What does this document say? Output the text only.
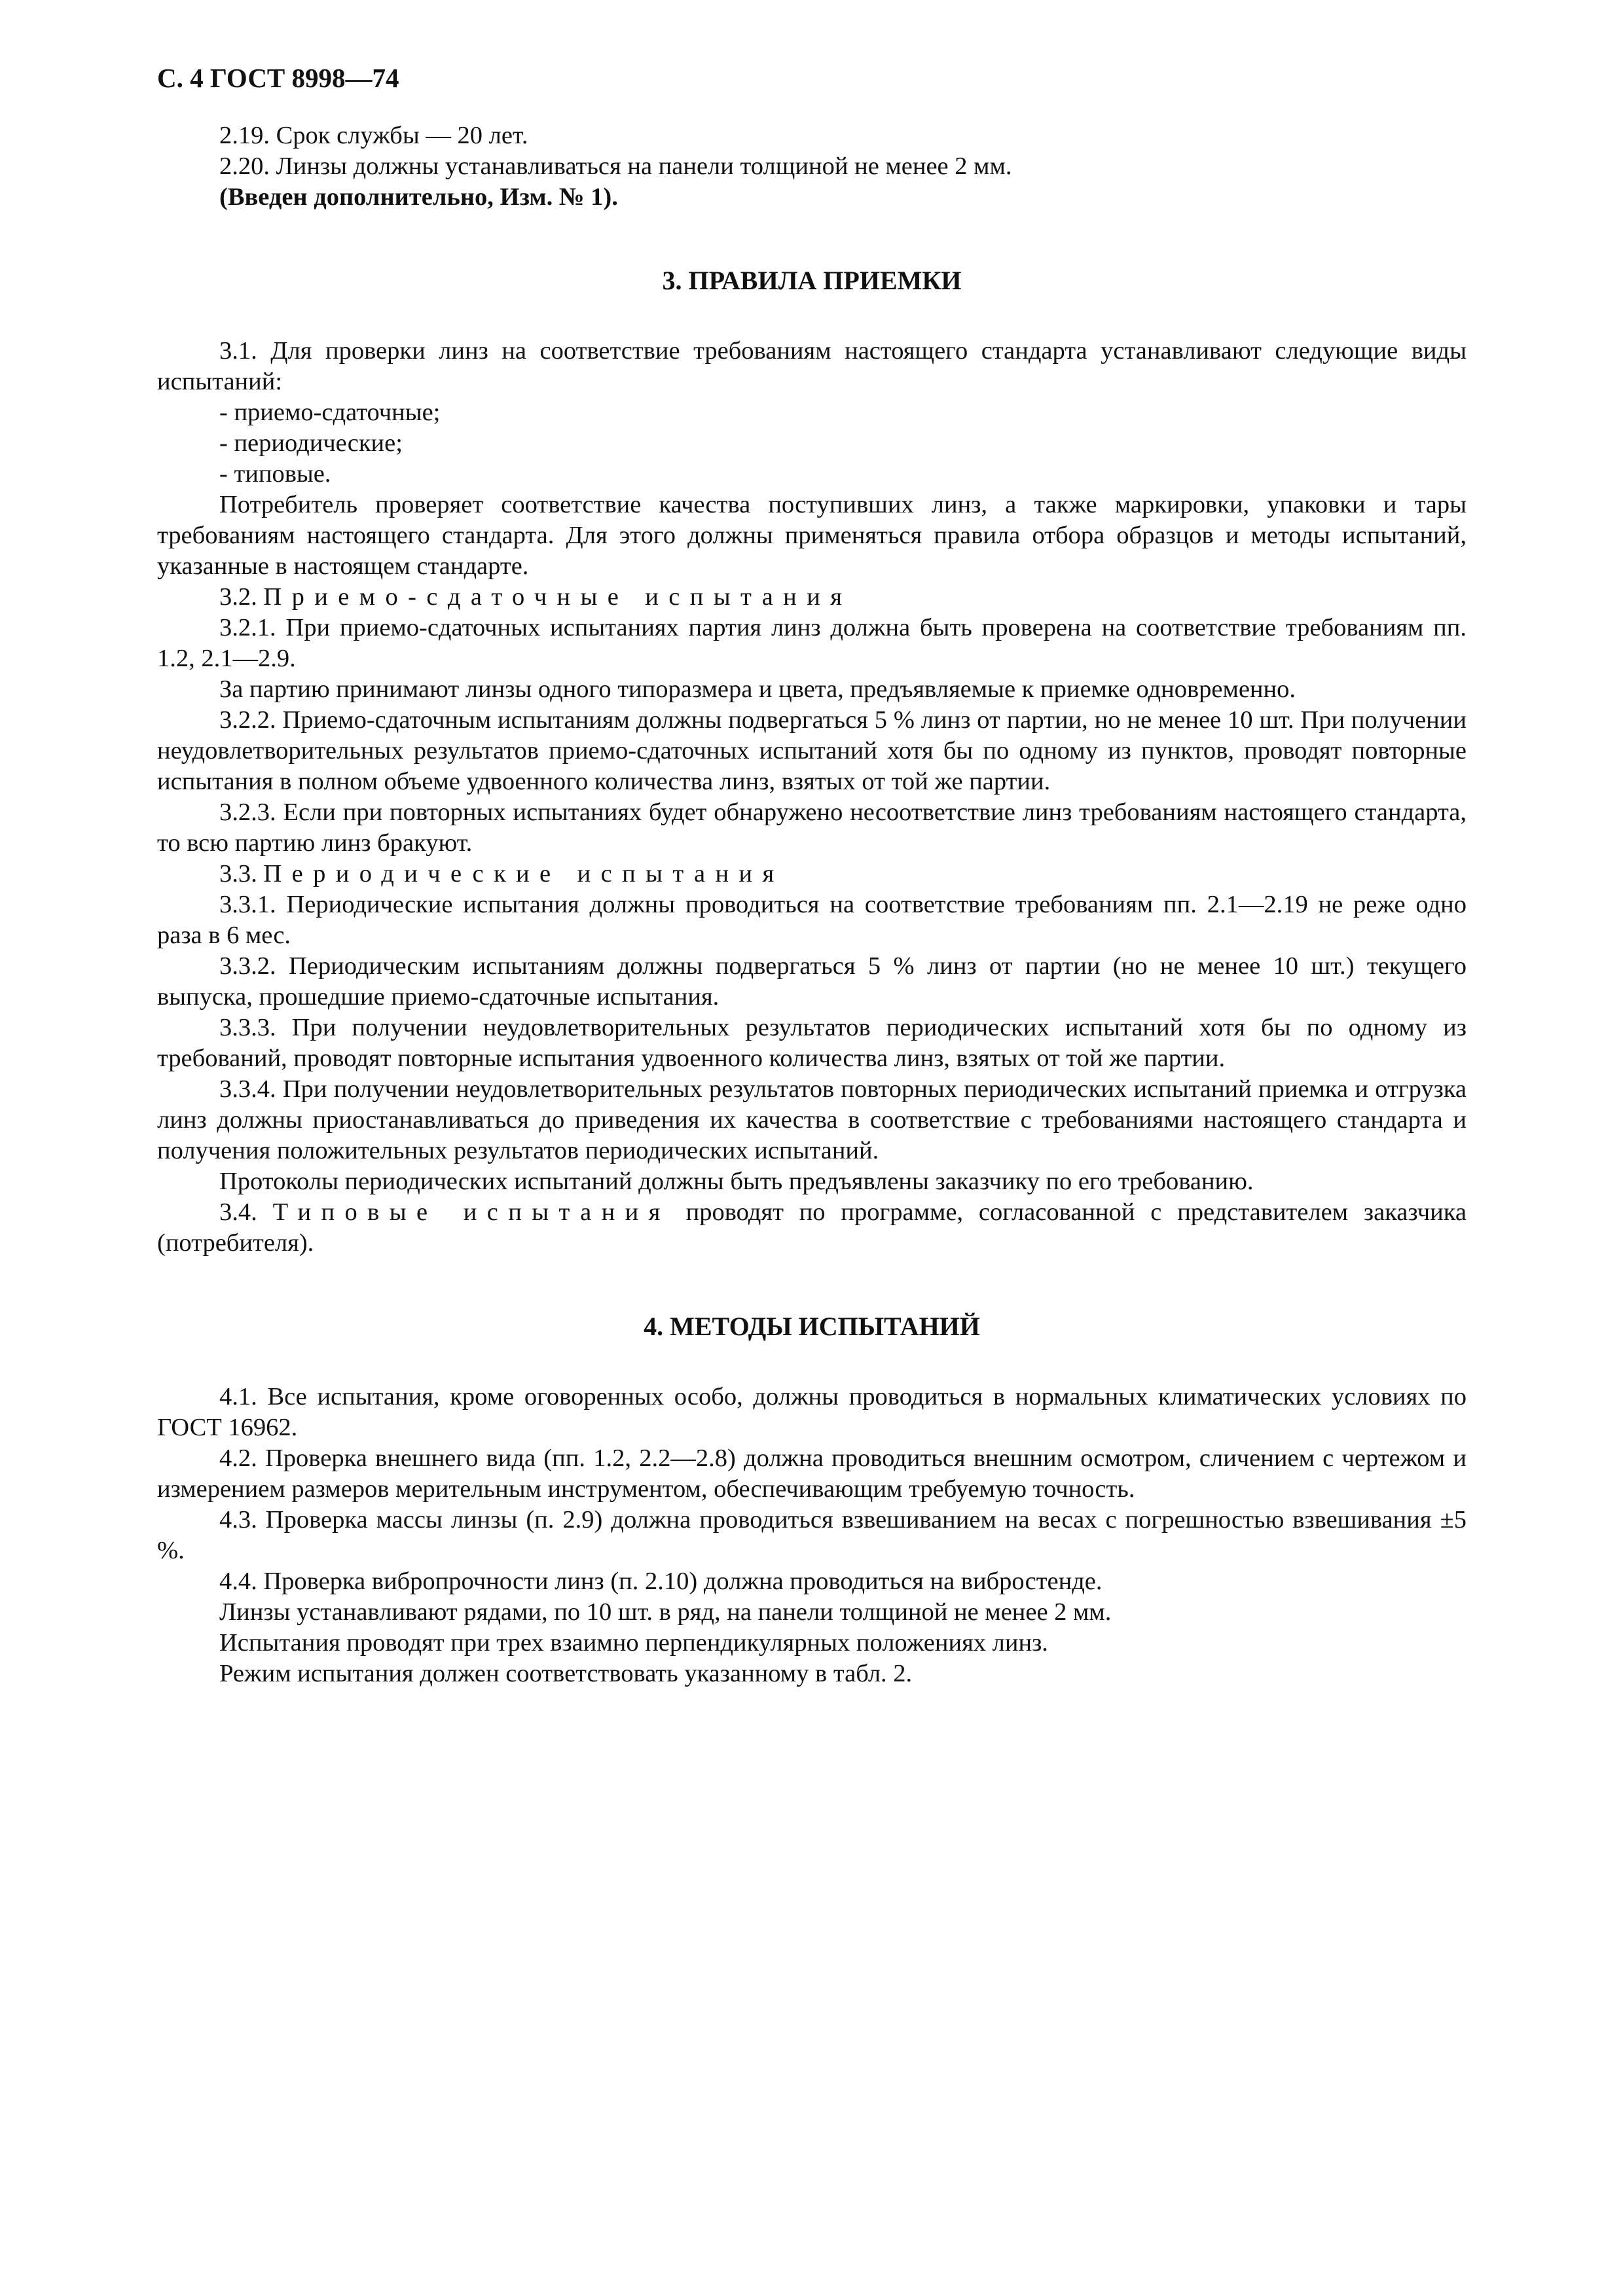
С. 4 ГОСТ 8998—74

2.19. Срок службы — 20 лет.

2.20. Линзы должны устанавливаться на панели толщиной не менее 2 мм.

(Введен дополнительно, Изм. № 1).

3. ПРАВИЛА ПРИЕМКИ

3.1. Для проверки линз на соответствие требованиям настоящего стандарта устанавливают следующие виды испытаний:

- приемо-сдаточные;

- периодические;

- типовые.

Потребитель проверяет соответствие качества поступивших линз, а также маркировки, упаковки и тары требованиям настоящего стандарта. Для этого должны применяться правила отбора образцов и методы испытаний, указанные в настоящем стандарте.

3.2. Приемо-сдаточные испытания

3.2.1. При приемо-сдаточных испытаниях партия линз должна быть проверена на соответствие требованиям пп. 1.2, 2.1—2.9.

За партию принимают линзы одного типоразмера и цвета, предъявляемые к приемке одновременно.

3.2.2. Приемо-сдаточным испытаниям должны подвергаться 5 % линз от партии, но не менее 10 шт. При получении неудовлетворительных результатов приемо-сдаточных испытаний хотя бы по одному из пунктов, проводят повторные испытания в полном объеме удвоенного количества линз, взятых от той же партии.

3.2.3. Если при повторных испытаниях будет обнаружено несоответствие линз требованиям настоящего стандарта, то всю партию линз бракуют.

3.3. Периодические испытания

3.3.1. Периодические испытания должны проводиться на соответствие требованиям пп. 2.1—2.19 не реже одно раза в 6 мес.

3.3.2. Периодическим испытаниям должны подвергаться 5 % линз от партии (но не менее 10 шт.) текущего выпуска, прошедшие приемо-сдаточные испытания.

3.3.3. При получении неудовлетворительных результатов периодических испытаний хотя бы по одному из требований, проводят повторные испытания удвоенного количества линз, взятых от той же партии.

3.3.4. При получении неудовлетворительных результатов повторных периодических испытаний приемка и отгрузка линз должны приостанавливаться до приведения их качества в соответствие с требованиями настоящего стандарта и получения положительных результатов периодических испытаний.

Протоколы периодических испытаний должны быть предъявлены заказчику по его требованию.

3.4. Типовые испытания проводят по программе, согласованной с представителем заказчика (потребителя).

4. МЕТОДЫ ИСПЫТАНИЙ

4.1. Все испытания, кроме оговоренных особо, должны проводиться в нормальных климатических условиях по ГОСТ 16962.

4.2. Проверка внешнего вида (пп. 1.2, 2.2—2.8) должна проводиться внешним осмотром, сличением с чертежом и измерением размеров мерительным инструментом, обеспечивающим требуемую точность.

4.3. Проверка массы линзы (п. 2.9) должна проводиться взвешиванием на весах с погрешностью взвешивания ±5 %.

4.4. Проверка вибропрочности линз (п. 2.10) должна проводиться на вибростенде.

Линзы устанавливают рядами, по 10 шт. в ряд, на панели толщиной не менее 2 мм.

Испытания проводят при трех взаимно перпендикулярных положениях линз.

Режим испытания должен соответствовать указанному в табл. 2.
